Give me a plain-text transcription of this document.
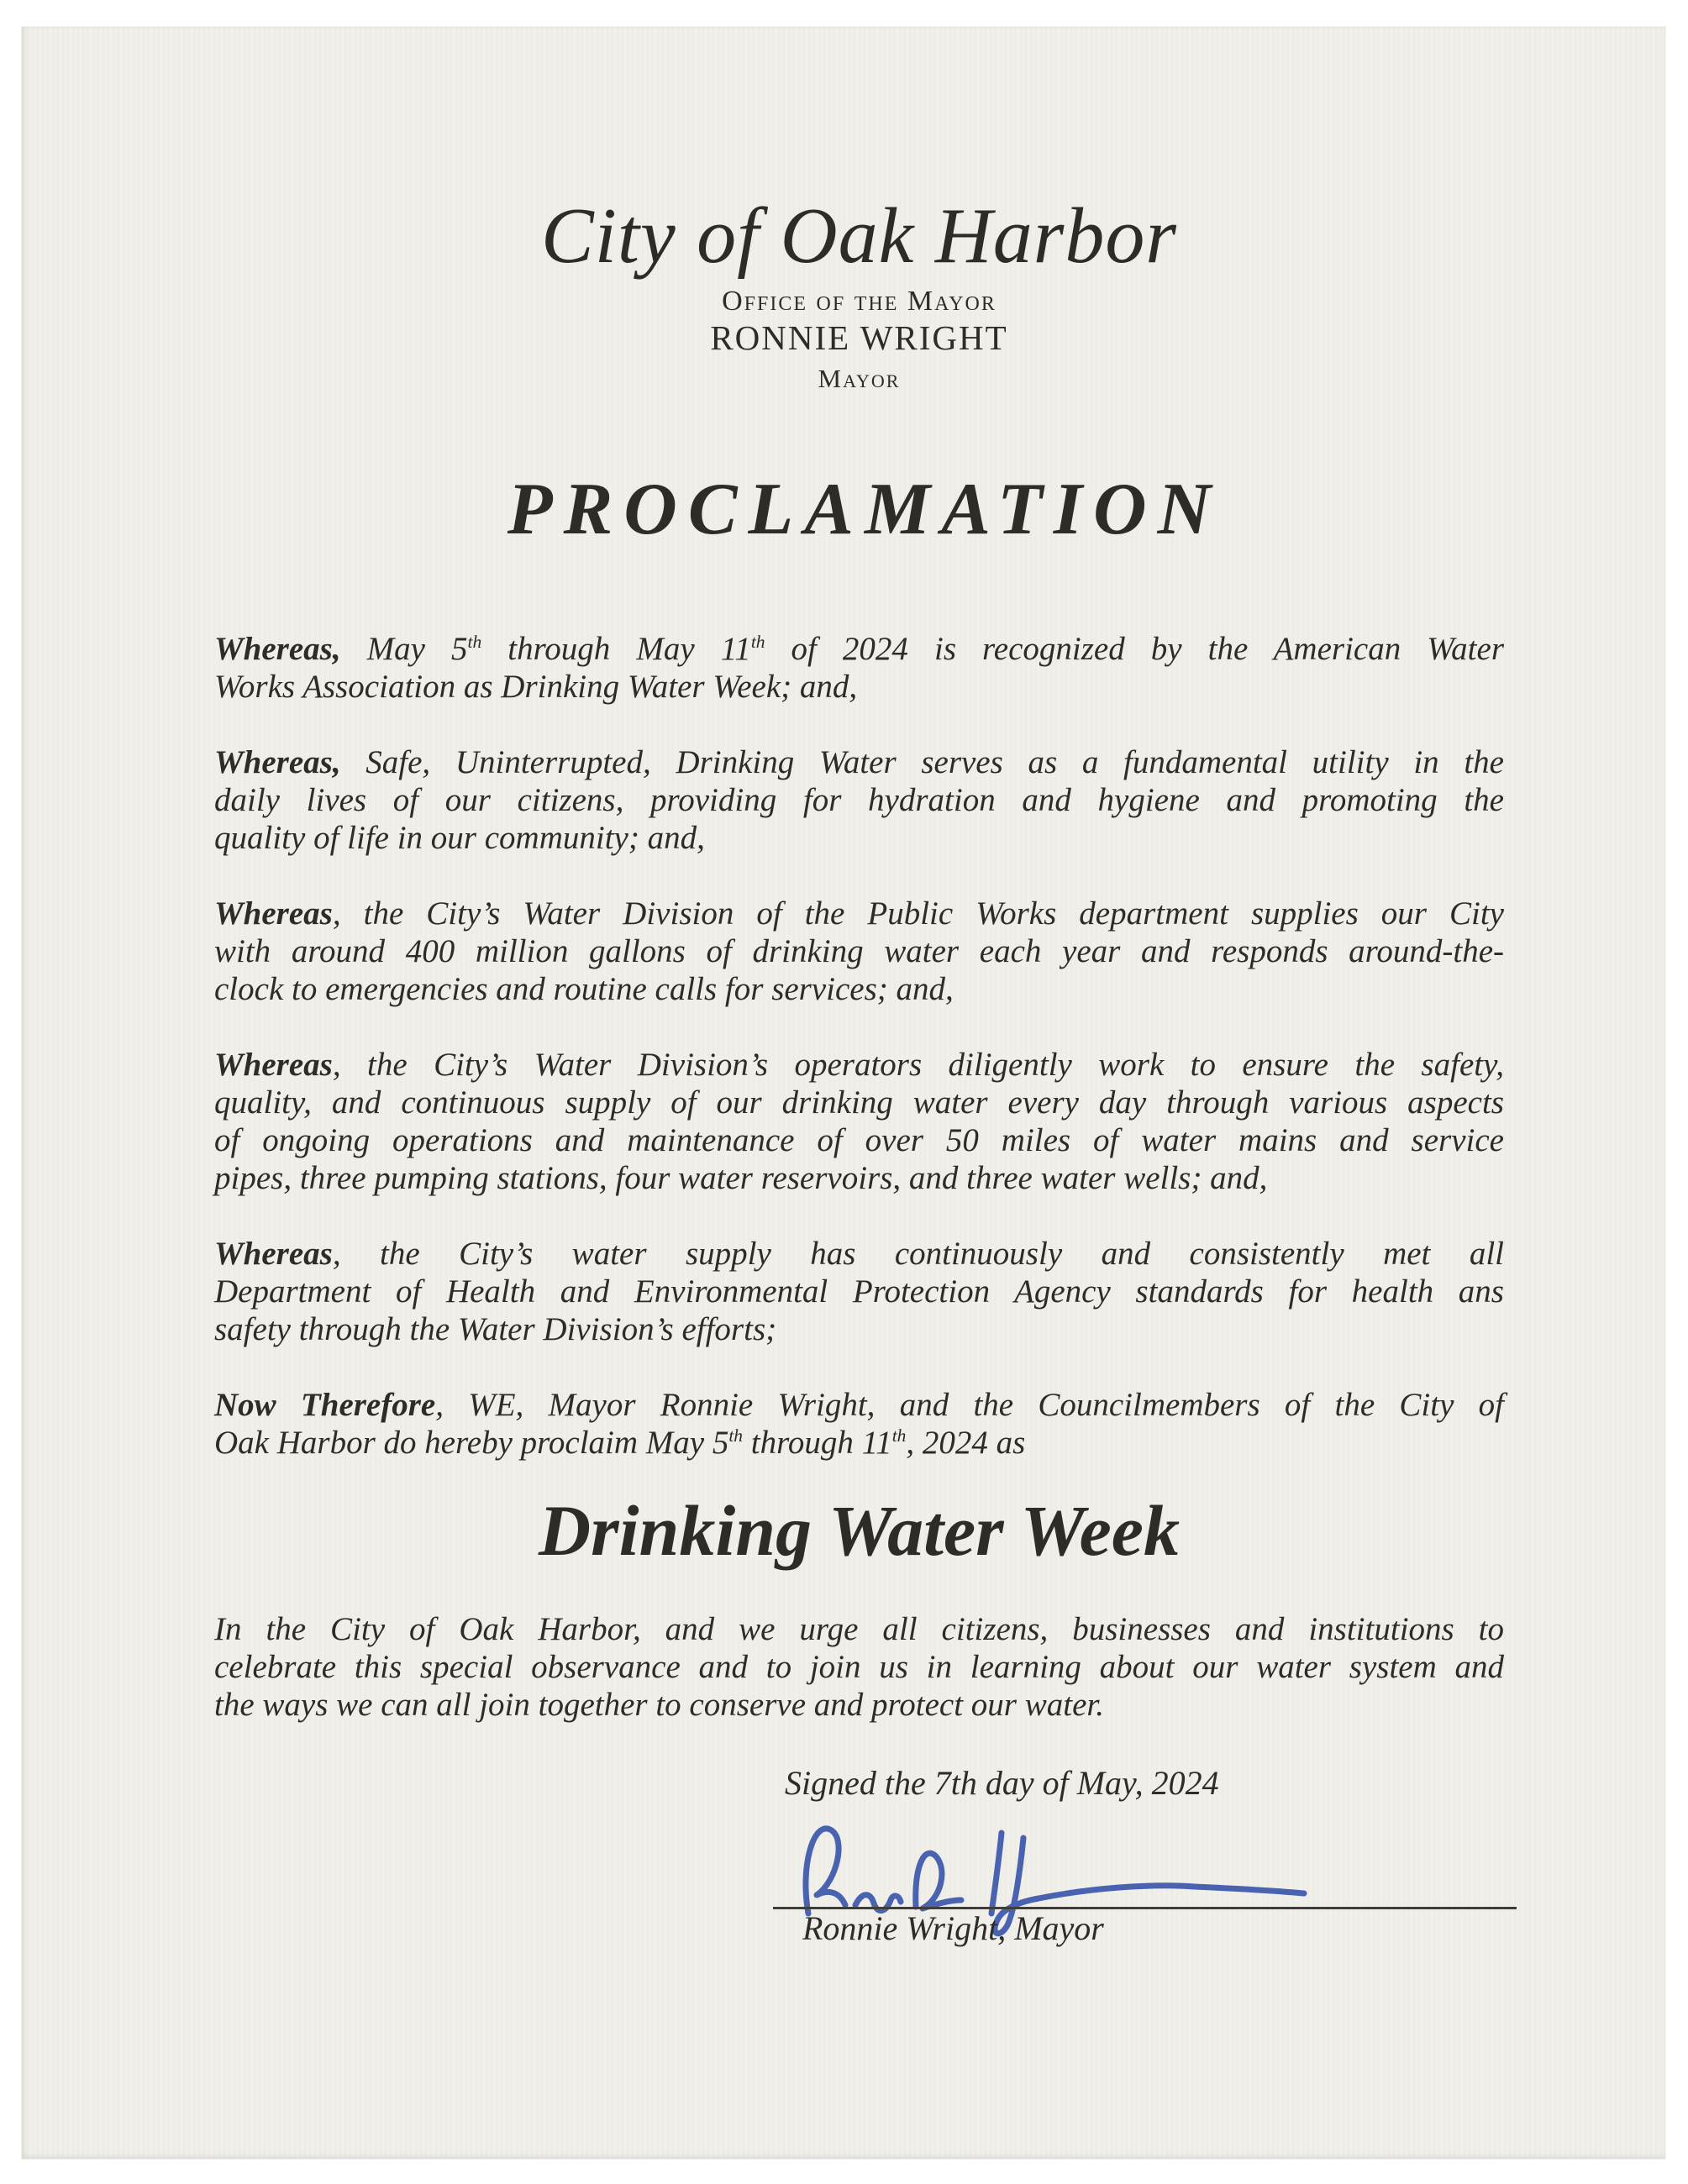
City of Oak Harbor
Office of the Mayor
RONNIE WRIGHT
Mayor
PROCLAMATION
Whereas, May 5th through May 11th of 2024 is recognized by the American Water
Works Association as Drinking Water Week; and,
Whereas, Safe, Uninterrupted, Drinking Water serves as a fundamental utility in the
daily lives of our citizens, providing for hydration and hygiene and promoting the
quality of life in our community; and,
Whereas, the City’s Water Division of the Public Works department supplies our City
with around 400 million gallons of drinking water each year and responds around-the-
clock to emergencies and routine calls for services; and,
Whereas, the City’s Water Division’s operators diligently work to ensure the safety,
quality, and continuous supply of our drinking water every day through various aspects
of ongoing operations and maintenance of over 50 miles of water mains and service
pipes, three pumping stations, four water reservoirs, and three water wells; and,
Whereas, the City’s water supply has continuously and consistently met all
Department of Health and Environmental Protection Agency standards for health ans
safety through the Water Division’s efforts;
Now Therefore, WE, Mayor Ronnie Wright, and the Councilmembers of the City of
Oak Harbor do hereby proclaim May 5th through 11th, 2024 as
Drinking Water Week
In the City of Oak Harbor, and we urge all citizens, businesses and institutions to
celebrate this special observance and to join us in learning about our water system and
the ways we can all join together to conserve and protect our water.
Signed the 7th day of May, 2024
Ronnie Wright, Mayor
